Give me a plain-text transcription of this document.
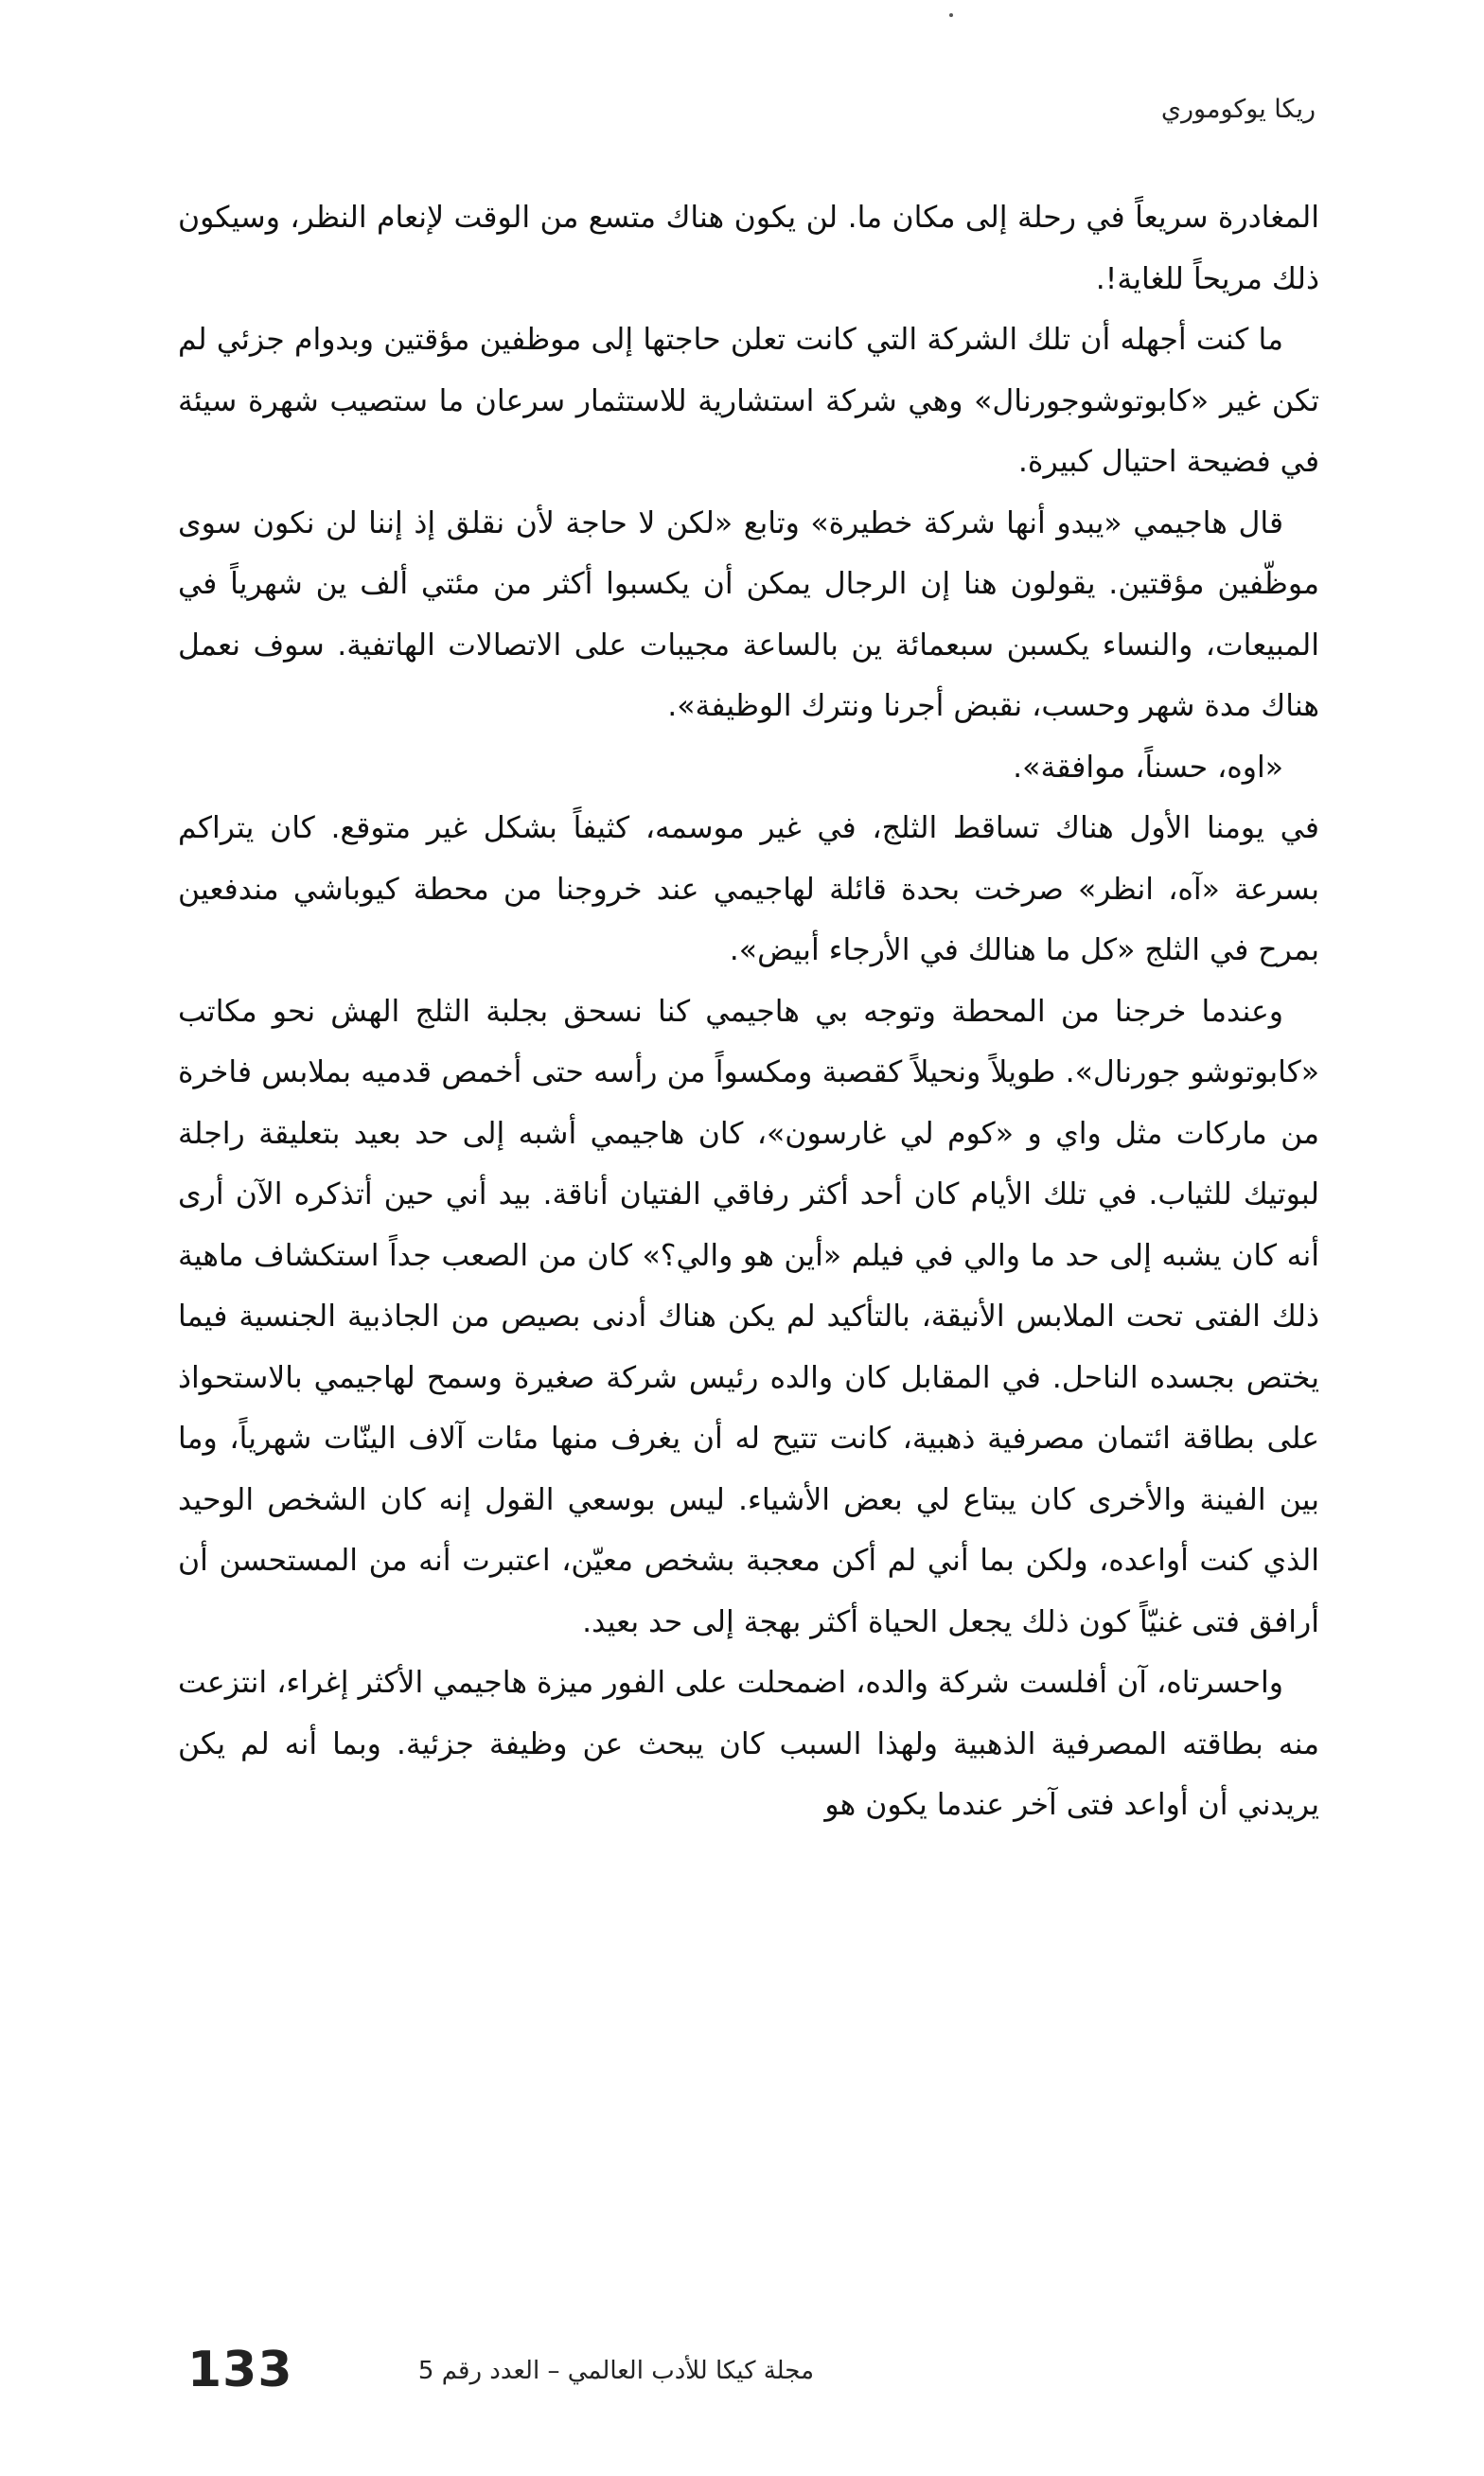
ريكا يوكوموري

المغادرة سريعاً في رحلة إلى مكان ما. لن يكون هناك متسع من الوقت لإنعام النظر، وسيكون ذلك مريحاً للغاية!.

ما كنت أجهله أن تلك الشركة التي كانت تعلن حاجتها إلى موظفين مؤقتين وبدوام جزئي لم تكن غير «كابوتوشوجورنال» وهي شركة استشارية للاستثمار سرعان ما ستصيب شهرة سيئة في فضيحة احتيال كبيرة.

قال هاجيمي «يبدو أنها شركة خطيرة» وتابع «لكن لا حاجة لأن نقلق إذ إننا لن نكون سوى موظّفين مؤقتين. يقولون هنا إن الرجال يمكن أن يكسبوا أكثر من مئتي ألف ين شهرياً في المبيعات، والنساء يكسبن سبعمائة ين بالساعة مجيبات على الاتصالات الهاتفية. سوف نعمل هناك مدة شهر وحسب، نقبض أجرنا ونترك الوظيفة».

«اوه، حسناً، موافقة».

في يومنا الأول هناك تساقط الثلج، في غير موسمه، كثيفاً بشكل غير متوقع. كان يتراكم بسرعة «آه، انظر» صرخت بحدة قائلة لهاجيمي عند خروجنا من محطة كيوباشي مندفعين بمرح في الثلج «كل ما هنالك في الأرجاء أبيض».

وعندما خرجنا من المحطة وتوجه بي هاجيمي كنا نسحق بجلبة الثلج الهش نحو مكاتب «كابوتوشو جورنال». طويلاً ونحيلاً كقصبة ومكسواً من رأسه حتى أخمص قدميه بملابس فاخرة من ماركات مثل واي و «كوم لي غارسون»، كان هاجيمي أشبه إلى حد بعيد بتعليقة راجلة لبوتيك للثياب. في تلك الأيام كان أحد أكثر رفاقي الفتيان أناقة. بيد أني حين أتذكره الآن أرى أنه كان يشبه إلى حد ما والي في فيلم «أين هو والي؟» كان من الصعب جداً استكشاف ماهية ذلك الفتى تحت الملابس الأنيقة، بالتأكيد لم يكن هناك أدنى بصيص من الجاذبية الجنسية فيما يختص بجسده الناحل. في المقابل كان والده رئيس شركة صغيرة وسمح لهاجيمي بالاستحواذ على بطاقة ائتمان مصرفية ذهبية، كانت تتيح له أن يغرف منها مئات آلاف الينّات شهرياً، وما بين الفينة والأخرى كان يبتاع لي بعض الأشياء. ليس بوسعي القول إنه كان الشخص الوحيد الذي كنت أواعده، ولكن بما أني لم أكن معجبة بشخص معيّن، اعتبرت أنه من المستحسن أن أرافق فتى غنيّاً كون ذلك يجعل الحياة أكثر بهجة إلى حد بعيد.

واحسرتاه، آن أفلست شركة والده، اضمحلت على الفور ميزة هاجيمي الأكثر إغراء، انتزعت منه بطاقته المصرفية الذهبية ولهذا السبب كان يبحث عن وظيفة جزئية. وبما أنه لم يكن يريدني أن أواعد فتى آخر عندما يكون هو

133	مجلة كيكا للأدب العالمي – العدد رقم 5
